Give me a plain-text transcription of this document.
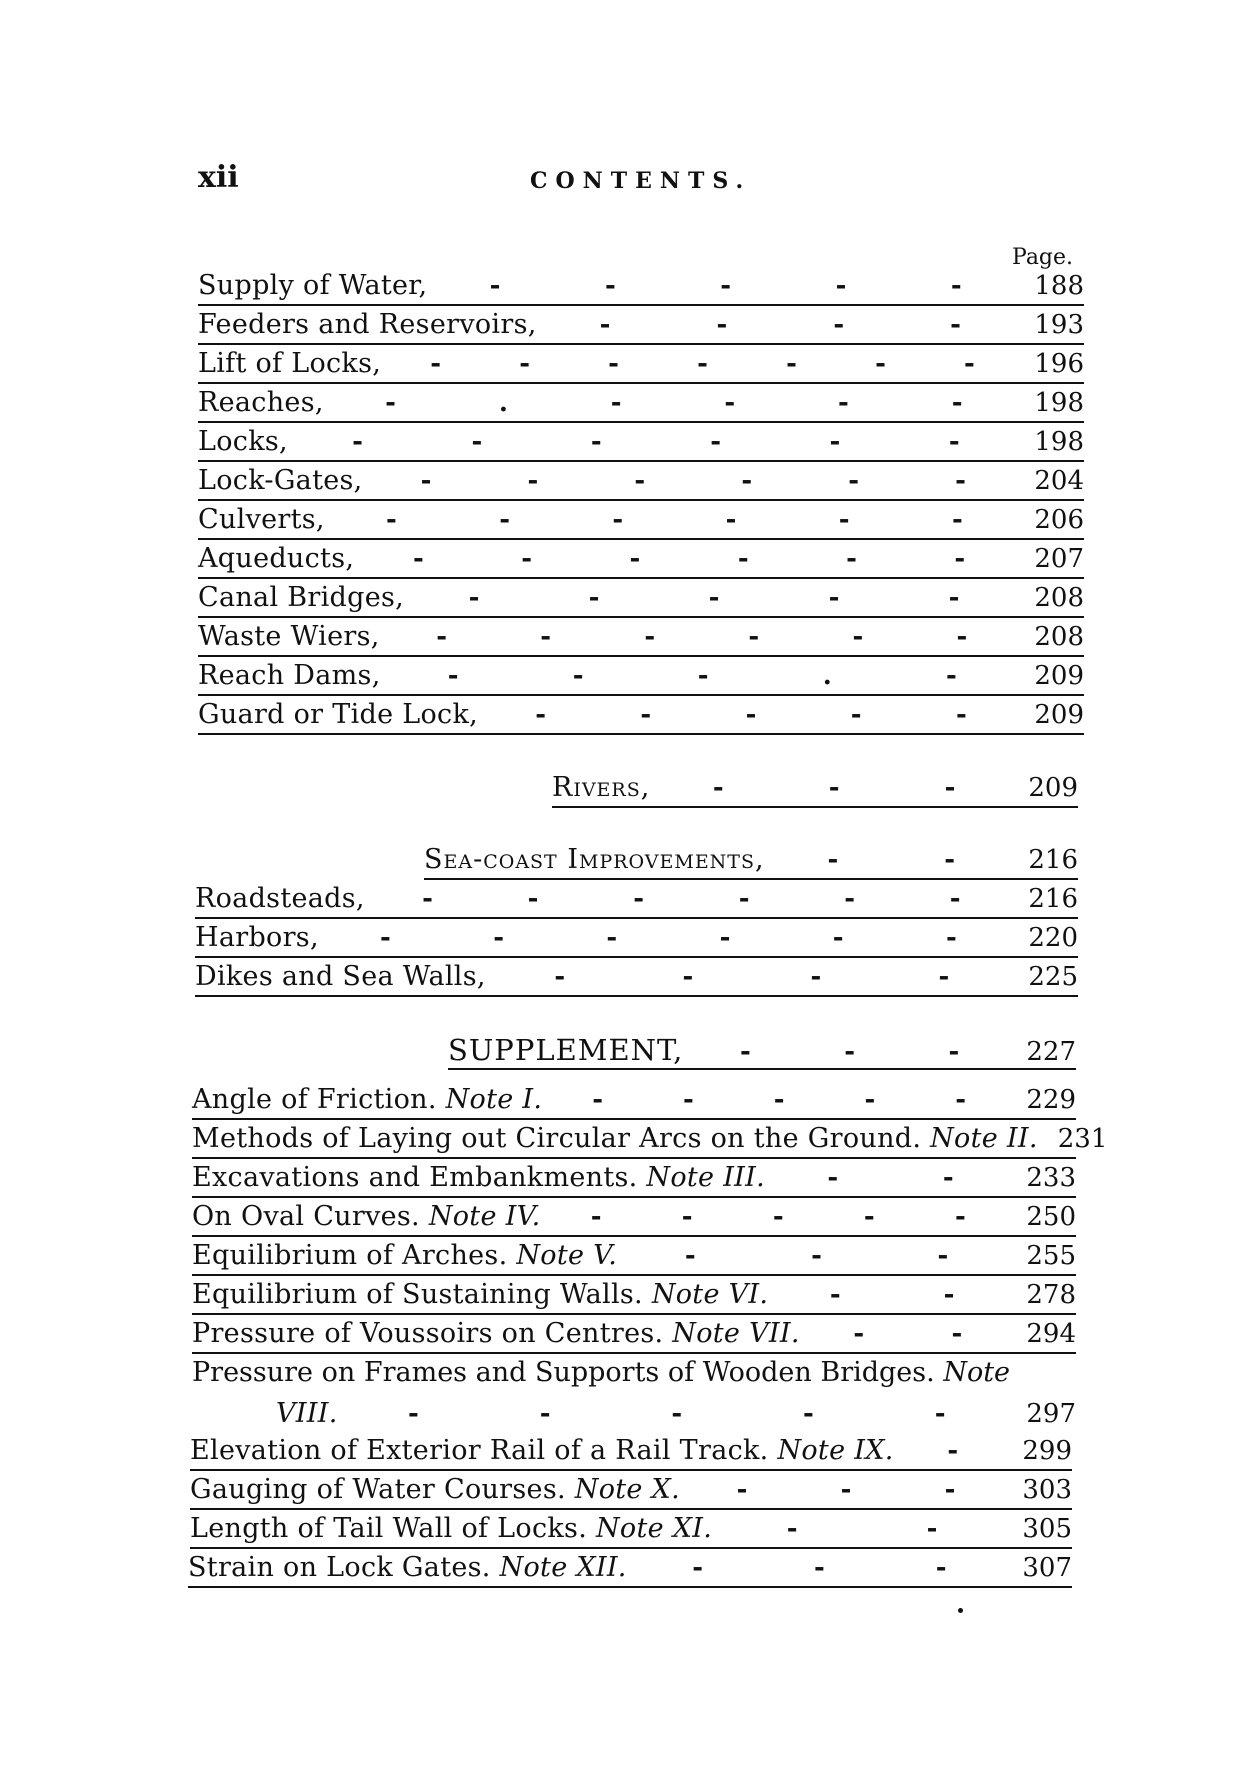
xii	CONTENTS.
Page.
Supply of Water, -	-	-	-	-	188
Feeders and Reservoirs, -	-	-	-	193
Lift of Locks, -	-	-	-	-	-	-	196
Reaches, -	.	-	-	-	-	198
Locks, -	-	-	-	-	-	198
Lock-Gates, -	-	-	-	-	-	204
Culverts, -	-	-	-	-	-	206
Aqueducts, -	-	-	-	-	-	207
Canal Bridges, -	-	-	-	-	208
Waste Wiers, -	-	-	-	-	-	208
Reach Dams,	-	-	-	.	-	209
Guard or Tide Lock, -	-	-	-	-	209
Rivers, -	-	-	209
Sea-coast Improvements, -	-	216
Roadsteads, -	-	-	-	-	-	216
Harbors, -	-	-	-	-	-	220
Dikes and Sea Walls,	-	-	-	-	225
SUPPLEMENT, -	-	-	227
Angle of Friction. Note I. -	-	-	-	-	229
Methods of Laying out Circular Arcs on the Ground. Note II. 231
Excavations and Embankments. Note III. -	-	233
On Oval Curves. Note IV. -	-	-	-	-	250
Equilibrium of Arches. Note V.	-	-	-	255
Equilibrium of Sustaining Walls. Note VI. -	-	278
Pressure of Voussoirs on Centres. Note VII. -	-	294
Pressure on Frames and Supports of Wooden Bridges. Note
VIII.	-	-	-	-	-	297
Elevation of Exterior Rail of a Rail Track. Note IX. -	299
Gauging of Water Courses. Note X. -	-	-	303
Length of Tail Wall of Locks. Note XI.	-	-	305
Strain on Lock Gates. Note XII.	-	-	-	307
